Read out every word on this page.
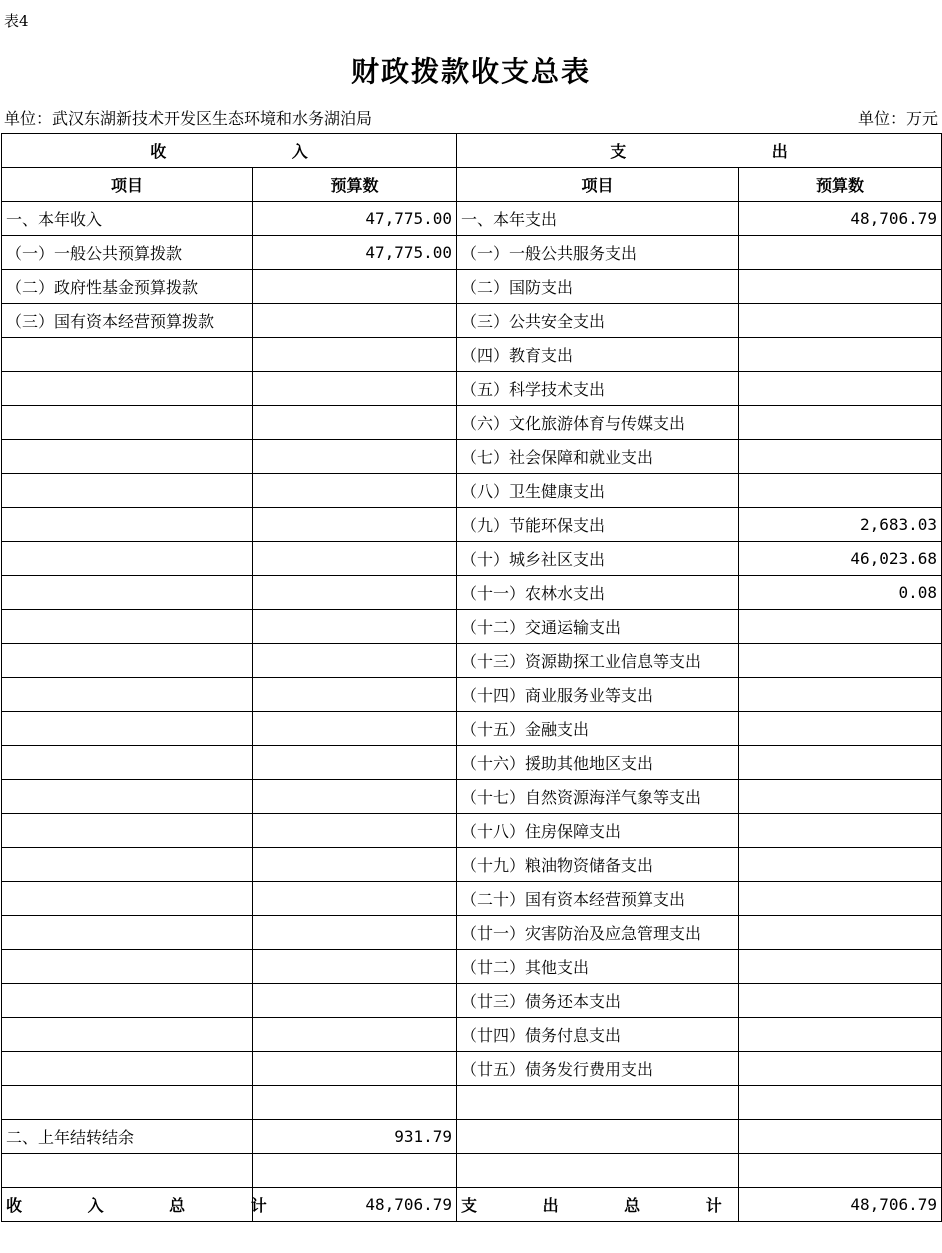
表4
财政拨款收支总表
单位：武汉东湖新技术开发区生态环境和水务湖泊局	单位：万元
收 入		支 出	
项目	预算数	项目	预算数
一、本年收入	47,775.00	一、本年支出	48,706.79
（一）一般公共预算拨款	47,775.00	（一）一般公共服务支出	
（二）政府性基金预算拨款		（二）国防支出	
（三）国有资本经营预算拨款		（三）公共安全支出	
		（四）教育支出	
		（五）科学技术支出	
		（六）文化旅游体育与传媒支出	
		（七）社会保障和就业支出	
		（八）卫生健康支出	
		（九）节能环保支出	2,683.03
		（十）城乡社区支出	46,023.68
		（十一）农林水支出	0.08
		（十二）交通运输支出	
		（十三）资源勘探工业信息等支出	
		（十四）商业服务业等支出	
		（十五）金融支出	
		（十六）援助其他地区支出	
		（十七）自然资源海洋气象等支出	
		（十八）住房保障支出	
		（十九）粮油物资储备支出	
		（二十）国有资本经营预算支出	
		（廿一）灾害防治及应急管理支出	
		（廿二）其他支出	
		（廿三）债务还本支出	
		（廿四）债务付息支出	
		（廿五）债务发行费用支出	

二、上年结转结余	931.79		

收 入 总 计	48,706.79	支 出 总 计	48,706.79
